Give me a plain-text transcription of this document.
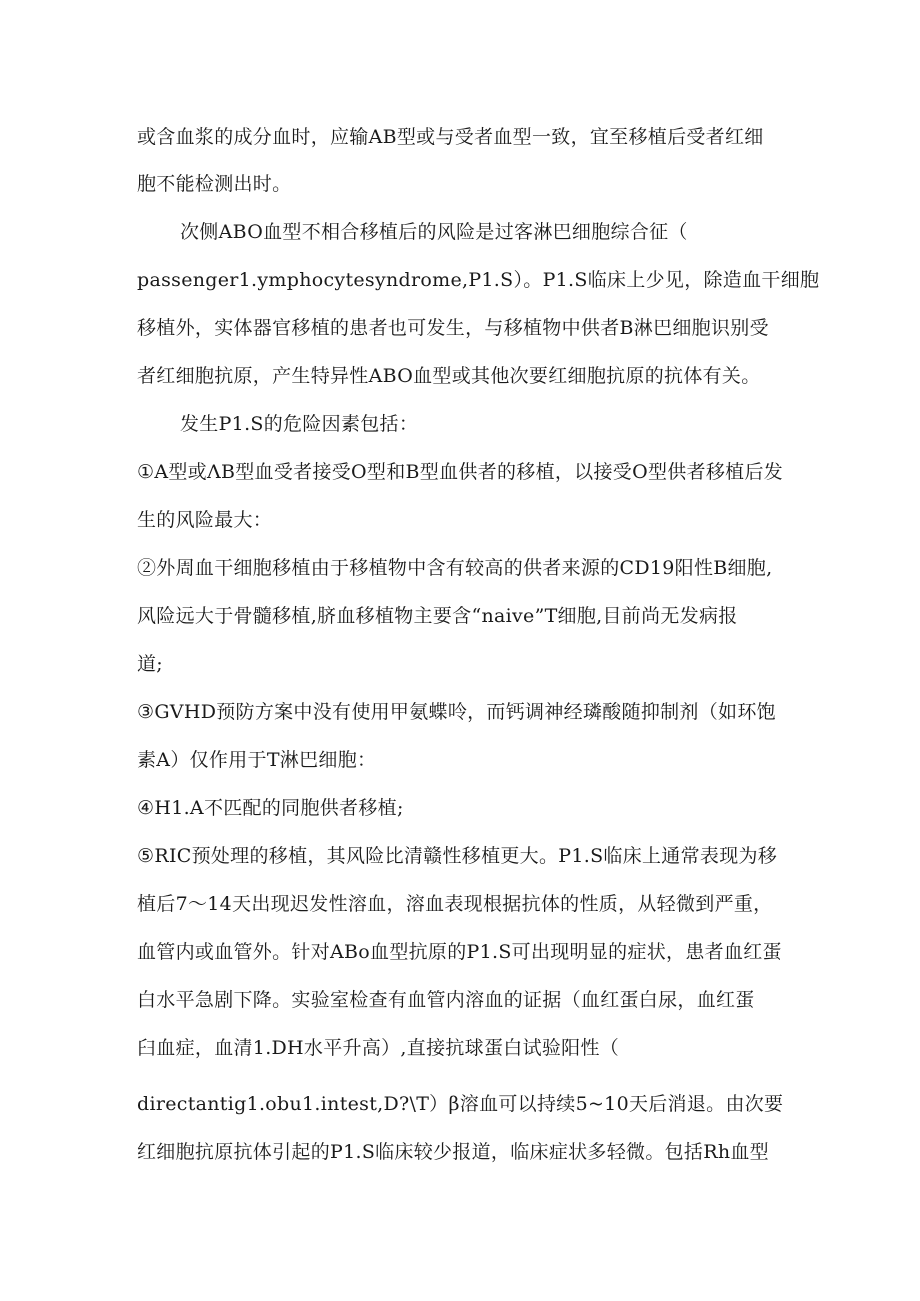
或含血浆的成分血时，应输AB型或与受者血型一致，宜至移植后受者红细
胞不能检测出时。
次侧ABO血型不相合移植后的风险是过客淋巴细胞综合征（
passenger1.ymphocytesyndrome,P1.S）。P1.S临床上少见，除造血干细胞
移植外，实体器官移植的患者也可发生，与移植物中供者B淋巴细胞识别受
者红细胞抗原，产生特异性ABO血型或其他次要红细胞抗原的抗体有关。
发生P1.S的危险因素包括：
①A型或ΛB型血受者接受O型和B型血供者的移植，以接受O型供者移植后发
生的风险最大：
②外周血干细胞移植由于移植物中含有较高的供者来源的CD19阳性B细胞,
风险远大于骨髓移植,脐血移植物主要含“naive”T细胞,目前尚无发病报
道;
③GVHD预防方案中没有使用甲氨蝶呤，而钙调神经璘酸随抑制剂（如环饱
素A）仅作用于T淋巴细胞：
④H1.A不匹配的同胞供者移植;
⑤RIC预处理的移植，其风险比清赣性移植更大。P1.S临床上通常表现为移
植后7～14天出现迟发性溶血，溶血表现根据抗体的性质，从轻微到严重，
血管内或血管外。针对ABo血型抗原的P1.S可出现明显的症状，患者血红蛋
白水平急剧下降。实验室检查有血管内溶血的证据（血红蛋白尿，血红蛋
臼血症，血清1.DH水平升高）,直接抗球蛋白试验阳性（
directantig1.obu1.intest,D?\T）β溶血可以持续5~10天后消退。由次要
红细胞抗原抗体引起的P1.S临床较少报道，临床症状多轻微。包括Rh血型
